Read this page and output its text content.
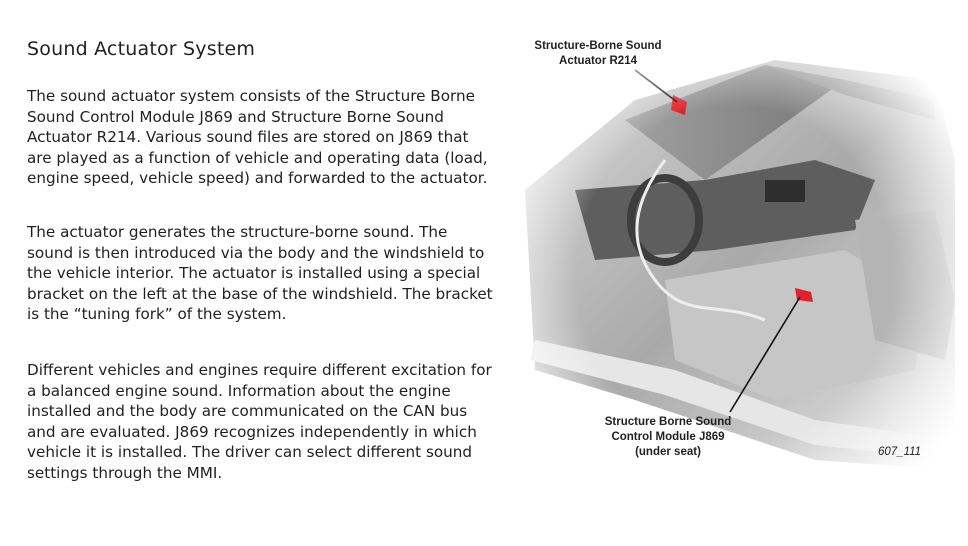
Sound Actuator System

The sound actuator system consists of the Structure Borne Sound Control Module J869 and Structure Borne Sound Actuator R214. Various sound files are stored on J869 that are played as a function of vehicle and operating data (load, engine speed, vehicle speed) and forwarded to the actuator.

The actuator generates the structure-borne sound. The sound is then introduced via the body and the windshield to the vehicle interior. The actuator is installed using a special bracket on the left at the base of the windshield. The bracket is the “tuning fork” of the system.

Different vehicles and engines require different excitation for a balanced engine sound. Information about the engine installed and the body are communicated on the CAN bus and are evaluated. J869 recognizes independently in which vehicle it is installed. The driver can select different sound settings through the MMI.

Structure-Borne Sound
Actuator R214
Structure Borne Sound
Control Module J869
(under seat)	607_111
